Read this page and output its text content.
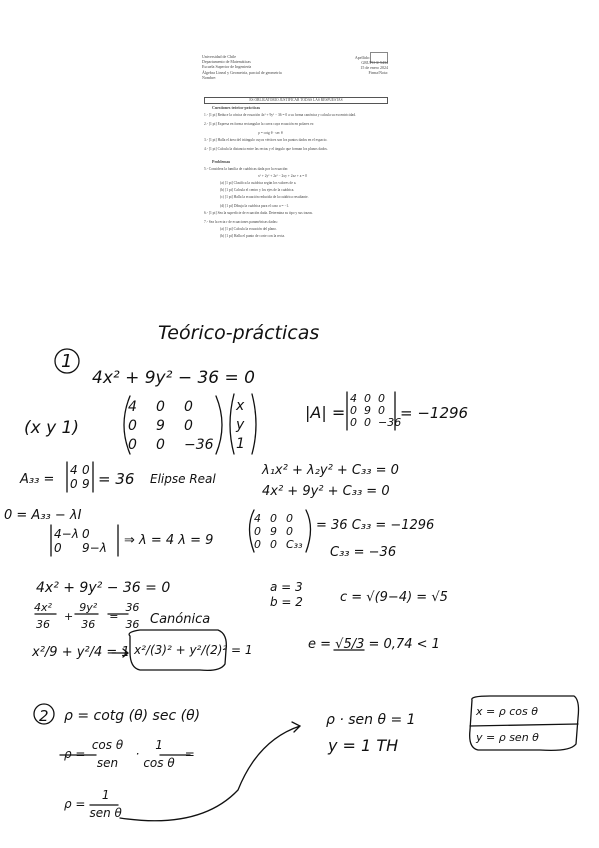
Universidad de Chile
Departamento de Matemáticas
Escuela Superior de Ingeniería
Álgebra Lineal y Geometría, parcial de geometría
Nombre:
Apellido:
GRUPO 3/ 5434
15 de enero 2024
Firma/Nota:
ES OBLIGATORIO JUSTIFICAR TODAS LAS RESPUESTAS
Cuestiones teórico-prácticas
1.- [1 pt] Reduce la cónica de ecuación 4x² + 9y² − 36 = 0 a su forma canónica y calcula su excentricidad.
2.- [1 pt] Expresa en forma rectangular la curva cuya ecuación en polares es:
ρ = cotg θ · sec θ
3.- [1 pt] Halla el área del triángulo cuyos vértices son los puntos dados en el espacio.
4.- [1 pt] Calcula la distancia entre las rectas y el ángulo que forman los planos dados.
Problemas
5.- Considera la familia de cuádricas dada por la ecuación:
x² + 2y² + 2z² − 2xy + 2xz + a = 0
(a) [1 pt] Clasifica la cuádrica según los valores de a.
(b) [1 pt] Calcula el centro y los ejes de la cuádrica.
(c) [1 pt] Halla la ecuación reducida de la cuádrica resultante.
(d) [1 pt] Dibuja la cuádrica para el caso a = −1.
6.- [1 pt] Sea la superficie de ecuación dada. Determina su tipo y sus trazas.
7.- Sea la recta r de ecuaciones paramétricas dadas:
(a) [1 pt] Calcula la ecuación del plano.
(b) [1 pt] Halla el punto de corte con la recta.
Teórico-prácticas
1
4x² + 9y² − 36 = 0
(x y 1)
4 0 0
0 9 0
0 0 −36
x
y
1
|A| =
4 0 0
0 9 0
0 0 −36
= −1296
A₃₃ =
4 0
0 9 = 36 Elipse Real
λ₁x² + λ₂y² + C₃₃ = 0
4x² + 9y² + C₃₃ = 0
0 = A₃₃ − λI
4−λ 0
0 9−λ ⇒ λ = 4 λ = 9
4 0 0
0 9 0
0 0 C₃₃
= 36 C₃₃ = −1296
C₃₃ = −36
4x² + 9y² − 36 = 0
4x²
36
+
9y²
36
=
36
36 Canónica
x²/9 + y²/4 = 1 x²/(3)² + y²/(2)² = 1
a = 3
b = 2	c = √(9−4) = √5
e = √5/3 = 0,74 < 1
2 ρ = cotg (θ) sec (θ)
ρ =
cos θ
sen
·
1
cos θ
=
ρ =
1
sen θ
ρ · sen θ = 1
y = 1 TH
x = ρ cos θ
y = ρ sen θ
